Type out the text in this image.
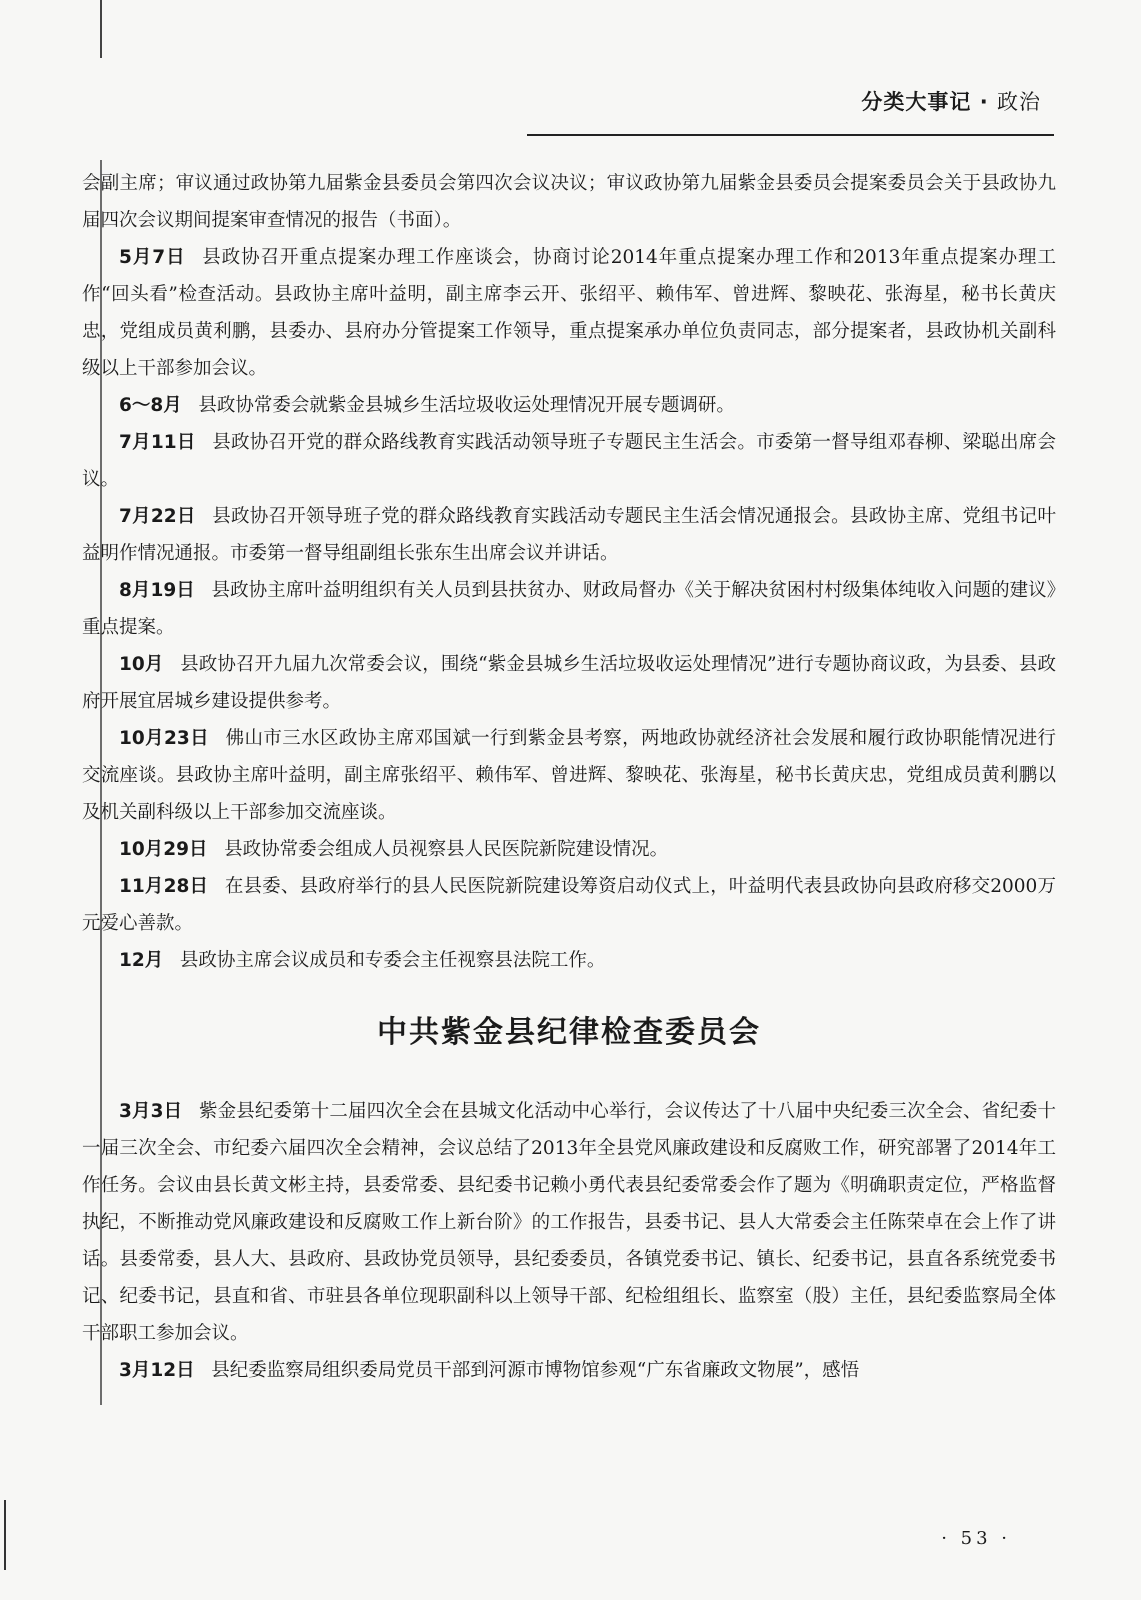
分类大事记 · 政治

会副主席；审议通过政协第九届紫金县委员会第四次会议决议；审议政协第九届紫金县委员会提案委员会关于县政协九届四次会议期间提案审查情况的报告（书面）。

5月7日 县政协召开重点提案办理工作座谈会，协商讨论2014年重点提案办理工作和2013年重点提案办理工作“回头看”检查活动。县政协主席叶益明，副主席李云开、张绍平、赖伟军、曾进辉、黎映花、张海星，秘书长黄庆忠，党组成员黄利鹏，县委办、县府办分管提案工作领导，重点提案承办单位负责同志，部分提案者，县政协机关副科级以上干部参加会议。

6～8月 县政协常委会就紫金县城乡生活垃圾收运处理情况开展专题调研。

7月11日 县政协召开党的群众路线教育实践活动领导班子专题民主生活会。市委第一督导组邓春柳、梁聪出席会议。

7月22日 县政协召开领导班子党的群众路线教育实践活动专题民主生活会情况通报会。县政协主席、党组书记叶益明作情况通报。市委第一督导组副组长张东生出席会议并讲话。

8月19日 县政协主席叶益明组织有关人员到县扶贫办、财政局督办《关于解决贫困村村级集体纯收入问题的建议》重点提案。

10月 县政协召开九届九次常委会议，围绕“紫金县城乡生活垃圾收运处理情况”进行专题协商议政，为县委、县政府开展宜居城乡建设提供参考。

10月23日 佛山市三水区政协主席邓国斌一行到紫金县考察，两地政协就经济社会发展和履行政协职能情况进行交流座谈。县政协主席叶益明，副主席张绍平、赖伟军、曾进辉、黎映花、张海星，秘书长黄庆忠，党组成员黄利鹏以及机关副科级以上干部参加交流座谈。

10月29日 县政协常委会组成人员视察县人民医院新院建设情况。

11月28日 在县委、县政府举行的县人民医院新院建设筹资启动仪式上，叶益明代表县政协向县政府移交2000万元爱心善款。

12月 县政协主席会议成员和专委会主任视察县法院工作。

中共紫金县纪律检查委员会

3月3日 紫金县纪委第十二届四次全会在县城文化活动中心举行，会议传达了十八届中央纪委三次全会、省纪委十一届三次全会、市纪委六届四次全会精神，会议总结了2013年全县党风廉政建设和反腐败工作，研究部署了2014年工作任务。会议由县长黄文彬主持，县委常委、县纪委书记赖小勇代表县纪委常委会作了题为《明确职责定位，严格监督执纪，不断推动党风廉政建设和反腐败工作上新台阶》的工作报告，县委书记、县人大常委会主任陈荣卓在会上作了讲话。县委常委，县人大、县政府、县政协党员领导，县纪委委员，各镇党委书记、镇长、纪委书记，县直各系统党委书记、纪委书记，县直和省、市驻县各单位现职副科以上领导干部、纪检组组长、监察室（股）主任，县纪委监察局全体干部职工参加会议。

3月12日 县纪委监察局组织委局党员干部到河源市博物馆参观“广东省廉政文物展”，感悟

· 53 ·
